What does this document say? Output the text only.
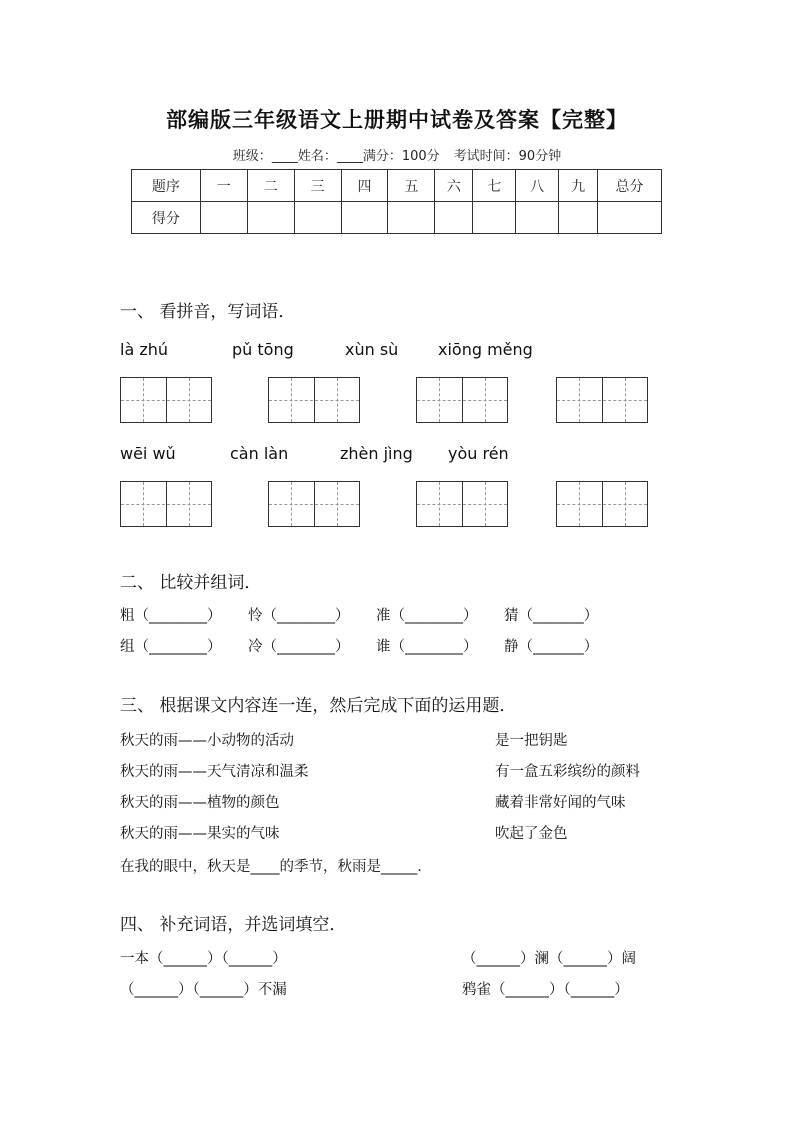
部编版三年级语文上册期中试卷及答案【完整】
班级：____姓名：____满分：100分 考试时间：90分钟
题序	一	二	三	四	五	六	七	八	九	总分
得分										
一、 看拼音，写词语．
là zhú	pǔ tōng	xùn sù xiōng měng
wēi wǔ	càn làn	zhèn jìng yòu rén
二、 比较并组词．
粗（________） 怜（________） 准（________） 猜（_______）
组（________） 冷（________） 谁（________） 静（_______）
三、 根据课文内容连一连，然后完成下面的运用题．
秋天的雨——小动物的活动
秋天的雨——天气清凉和温柔
秋天的雨——植物的颜色
秋天的雨——果实的气味
是一把钥匙
有一盒五彩缤纷的颜料
藏着非常好闻的气味
吹起了金色
在我的眼中，秋天是____的季节，秋雨是_____.
四、 补充词语，并选词填空．
一本（______）（______）
（______）（______）不漏
（______）澜（______）阔
鸦雀（______）（______）
